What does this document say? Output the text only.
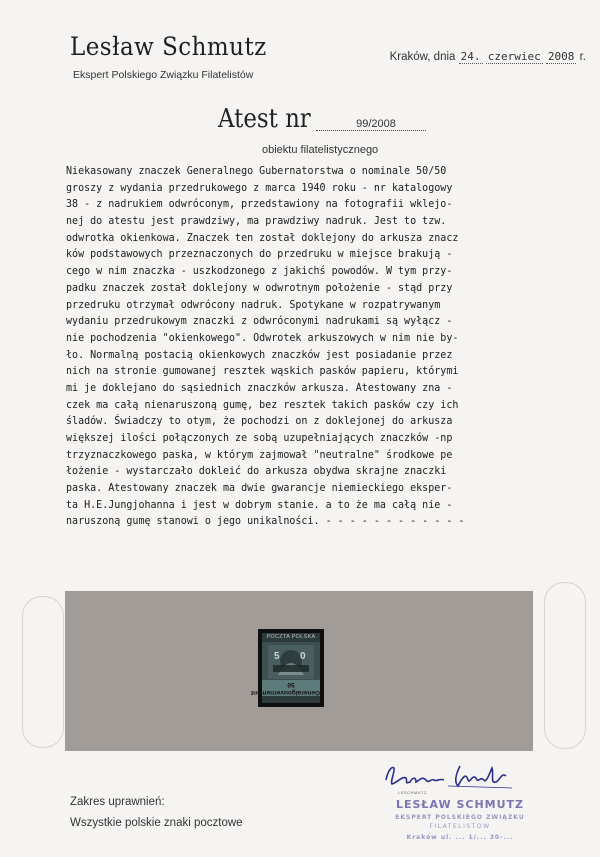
Lesław Schmutz
Ekspert Polskiego Związku Filatelistów
Kraków, dnia 24. czerwiec 2008 r.
Atest nr	99/2008
obiektu filatelistycznego
Niekasowany znaczek Generalnego Gubernatorstwa o nominale 50/50
groszy z wydania przedrukowego z marca 1940 roku - nr katalogowy
38 - z nadrukiem odwróconym, przedstawiony na fotografii wklejo-
nej do atestu jest prawdziwy, ma prawdziwy nadruk. Jest to tzw.
odwrotka okienkowa. Znaczek ten został doklejony do arkusza znacz
ków podstawowych przeznaczonych do przedruku w miejsce brakują -
cego w nim znaczka - uszkodzonego z jakichś powodów. W tym przy-
padku znaczek został doklejony w odwrotnym położenie - stąd przy
przedruku otrzymał odwrócony nadruk. Spotykane w rozpatrywanym
wydaniu przedrukowym znaczki z odwróconymi nadrukami są wyłącz -
nie pochodzenia "okienkowego". Odwrotek arkuszowych w nim nie by-
ło. Normalną postacią okienkowych znaczków jest posiadanie przez
nich na stronie gumowanej resztek wąskich pasków papieru, którymi
mi je doklejano do sąsiednich znaczków arkusza. Atestowany zna -
czek ma całą nienaruszoną gumę, bez resztek takich pasków czy ich
śladów. Świadczy to otym, że pochodzi on z doklejonej do arkusza
większej ilości połączonych ze sobą uzupełniających znaczków -np
trzyznaczkowego paska, w którym zajmował "neutralne" środkowe pe
łożenie - wystarczało doklеić do arkusza obydwa skrajne znaczki
paska. Atestowany znaczek ma dwie gwarancje niemieckiego eksper-
ta H.E.Jungjohanna i jest w dobrym stanie. a to że ma całą nie -
naruszoną gumę stanowi o jego unikalności. - - - - - - - - - - - -
POCZTA POLSKA
5 0
Generalgouvernement
50
Zakres uprawnień:
Wszystkie polskie znaki pocztowe
LESCHMUTZ
LESŁAW SCHMUTZ
EKSPERT POLSKIEGO ZWIĄZKU
FILATELISTÓW
Kraków ul. ... 1/... 30-...
